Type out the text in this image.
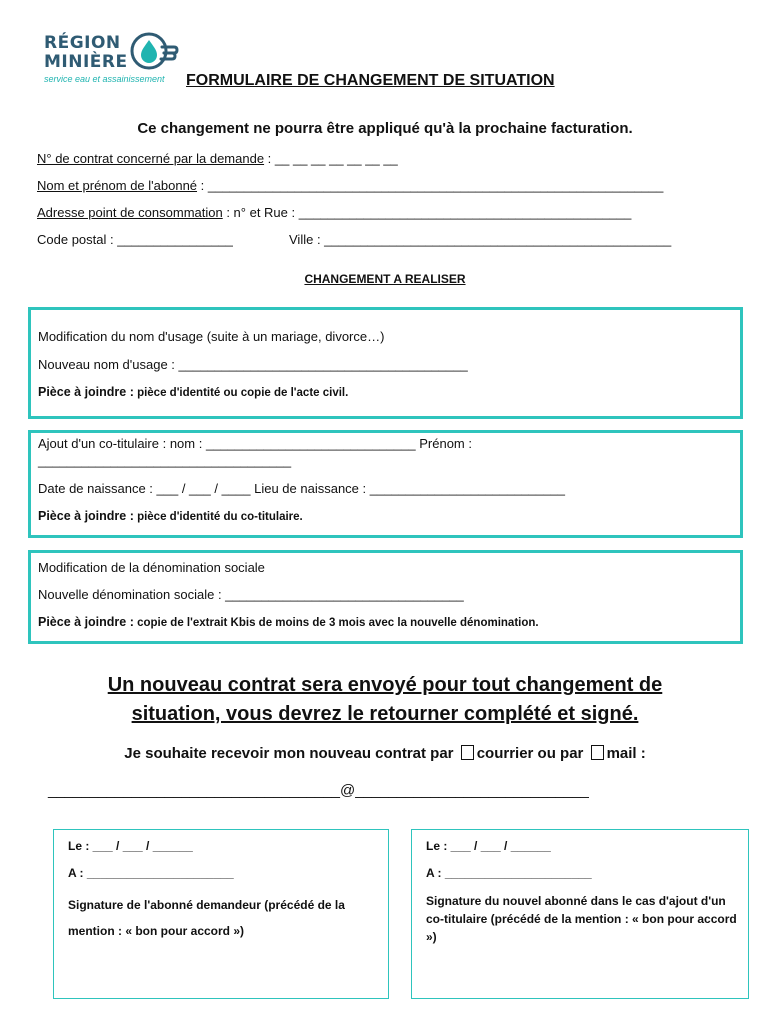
RÉGION
MINIÈRE
service eau et assainissement	FORMULAIRE DE CHANGEMENT DE SITUATION
Ce changement ne pourra être appliqué qu'à la prochaine facturation.
N° de contrat concerné par la demande : __ __ __ __ __ __ __
Nom et prénom de l'abonné : _______________________________________________________________
Adresse point de consommation : n° et Rue : ______________________________________________
Code postal : ________________	Ville : ________________________________________________
CHANGEMENT A REALISER
Modification du nom d'usage (suite à un mariage, divorce…)
Nouveau nom d'usage : ________________________________________
Pièce à joindre : pièce d'identité ou copie de l'acte civil.
Ajout d'un co-titulaire : nom : _____________________________ Prénom :
___________________________________
Date de naissance : ___ / ___ / ____ Lieu de naissance : ___________________________
Pièce à joindre : pièce d'identité du co-titulaire.
Modification de la dénomination sociale
Nouvelle dénomination sociale : _________________________________
Pièce à joindre : copie de l'extrait Kbis de moins de 3 mois avec la nouvelle dénomination.
Un nouveau contrat sera envoyé pour tout changement de
situation, vous devrez le retourner complété et signé.
Je souhaite recevoir mon nouveau contrat par courrier ou par mail :
___________________________________@____________________________
Le : ___ / ___ / ______
A : ______________________
Signature de l'abonné demandeur (précédé de la mention : « bon pour accord »)
Le : ___ / ___ / ______
A : ______________________
Signature du nouvel abonné dans le cas d'ajout d'un co-titulaire (précédé de la mention : « bon pour accord »)
